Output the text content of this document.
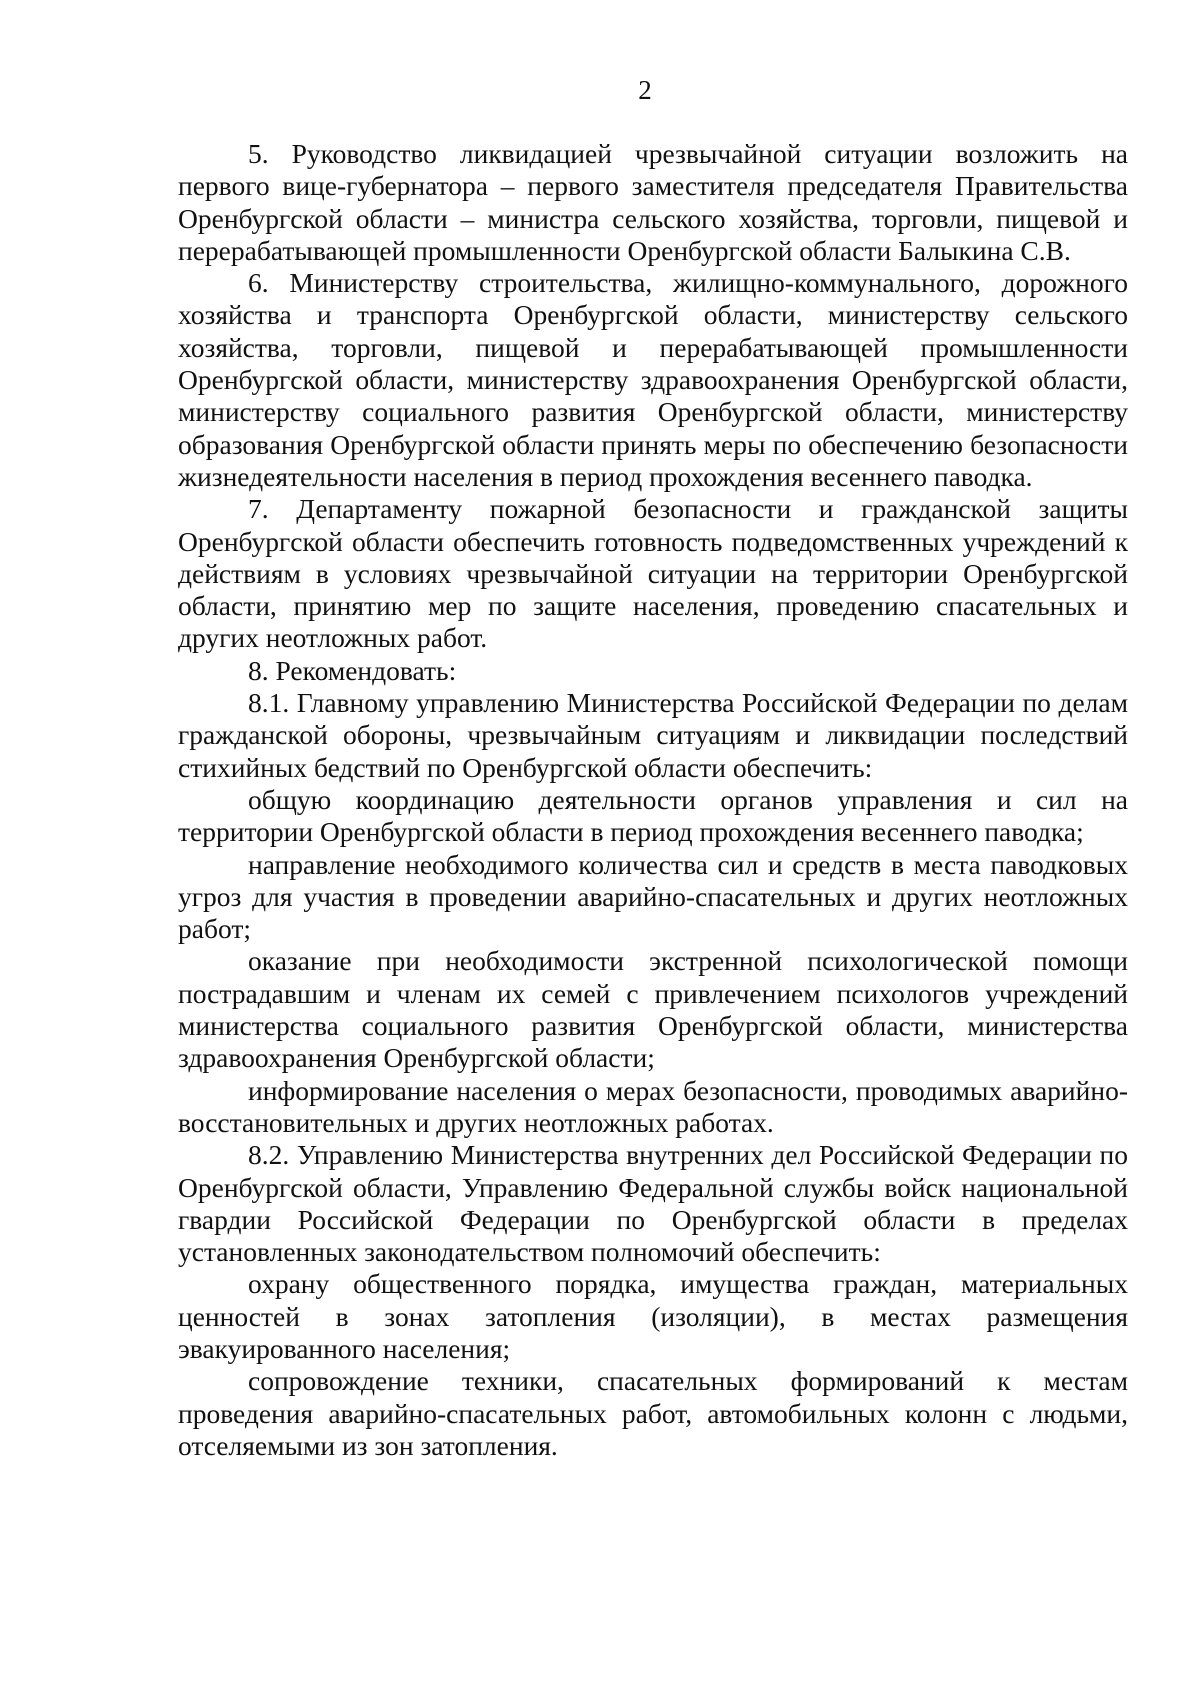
2

5. Руководство ликвидацией чрезвычайной ситуации возложить на первого вице-губернатора – первого заместителя председателя Правительства Оренбургской области – министра сельского хозяйства, торговли, пищевой и перерабатывающей промышленности Оренбургской области Балыкина С.В.

6. Министерству строительства, жилищно-коммунального, дорожного хозяйства и транспорта Оренбургской области, министерству сельского хозяйства, торговли, пищевой и перерабатывающей промышленности Оренбургской области, министерству здравоохранения Оренбургской области, министерству социального развития Оренбургской области, министерству образования Оренбургской области принять меры по обеспечению безопасности жизнедеятельности населения в период прохождения весеннего паводка.

7. Департаменту пожарной безопасности и гражданской защиты Оренбургской области обеспечить готовность подведомственных учреждений к действиям в условиях чрезвычайной ситуации на территории Оренбургской области, принятию мер по защите населения, проведению спасательных и других неотложных работ.

8. Рекомендовать:

8.1. Главному управлению Министерства Российской Федерации по делам гражданской обороны, чрезвычайным ситуациям и ликвидации последствий стихийных бедствий по Оренбургской области обеспечить:

общую координацию деятельности органов управления и сил на территории Оренбургской области в период прохождения весеннего паводка;

направление необходимого количества сил и средств в места паводковых угроз для участия в проведении аварийно-спасательных и других неотложных работ;

оказание при необходимости экстренной психологической помощи пострадавшим и членам их семей с привлечением психологов учреждений министерства социального развития Оренбургской области, министерства здравоохранения Оренбургской области;

информирование населения о мерах безопасности, проводимых аварийно-восстановительных и других неотложных работах.

8.2. Управлению Министерства внутренних дел Российской Федерации по Оренбургской области, Управлению Федеральной службы войск национальной гвардии Российской Федерации по Оренбургской области в пределах установленных законодательством полномочий обеспечить:

охрану общественного порядка, имущества граждан, материальных ценностей в зонах затопления (изоляции), в местах размещения эвакуированного населения;

сопровождение техники, спасательных формирований к местам проведения аварийно-спасательных работ, автомобильных колонн с людьми, отселяемыми из зон затопления.
